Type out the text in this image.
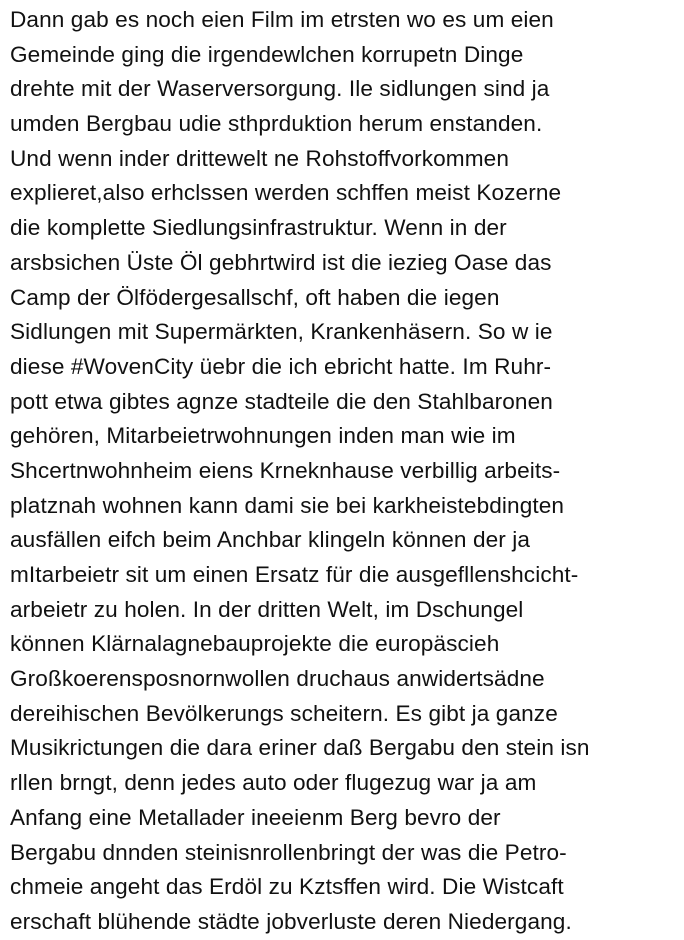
Dann gab es noch eien Film im etrsten wo es um eien
Gemeinde ging die irgendewlchen korrupetn Dinge
drehte mit der Waserversorgung. Ile sidlungen sind ja
umden Bergbau udie sthprduktion herum enstanden.
Und wenn inder drittewelt ne Rohstoffvorkommen
explieret,also erhclssen werden schffen meist Kozerne
die komplette Siedlungsinfrastruktur. Wenn in der
arsbsichen Üste Öl gebhrtwird ist die iezieg Oase das
Camp der Ölfödergesallschf, oft haben die iegen
Sidlungen mit Supermärkten, Krankenhäsern. So w ie
diese #WovenCity üebr die ich ebricht hatte. Im Ruhr-
pott etwa gibtes agnze stadteile die den Stahlbaronen
gehören, Mitarbeietrwohnungen inden man wie im
Shcertnwohnheim eiens Krneknhause verbillig arbeits-
platznah wohnen kann dami sie bei karkheistebdingten
ausfällen eifch beim Anchbar klingeln können der ja
mItarbeietr sit um einen Ersatz für die ausgefllenshcicht-
arbeietr zu holen. In der dritten Welt, im Dschungel
können Klärnalagnebauprojekte die europäscieh
Großkoerensposnornwollen druchaus anwidertsädne
dereihischen Bevölkerungs scheitern. Es gibt ja ganze
Musikrictungen die dara eriner daß Bergabu den stein isn
rllen brngt, denn jedes auto oder flugezug war ja am
Anfang eine Metallader ineeienm Berg bevro der
Bergabu dnnden steinisnrollenbringt der was die Petro-
chmeie angeht das Erdöl zu Kztsffen wird. Die Wistcaft
erschaft blühende städte jobverluste deren Niedergang.
